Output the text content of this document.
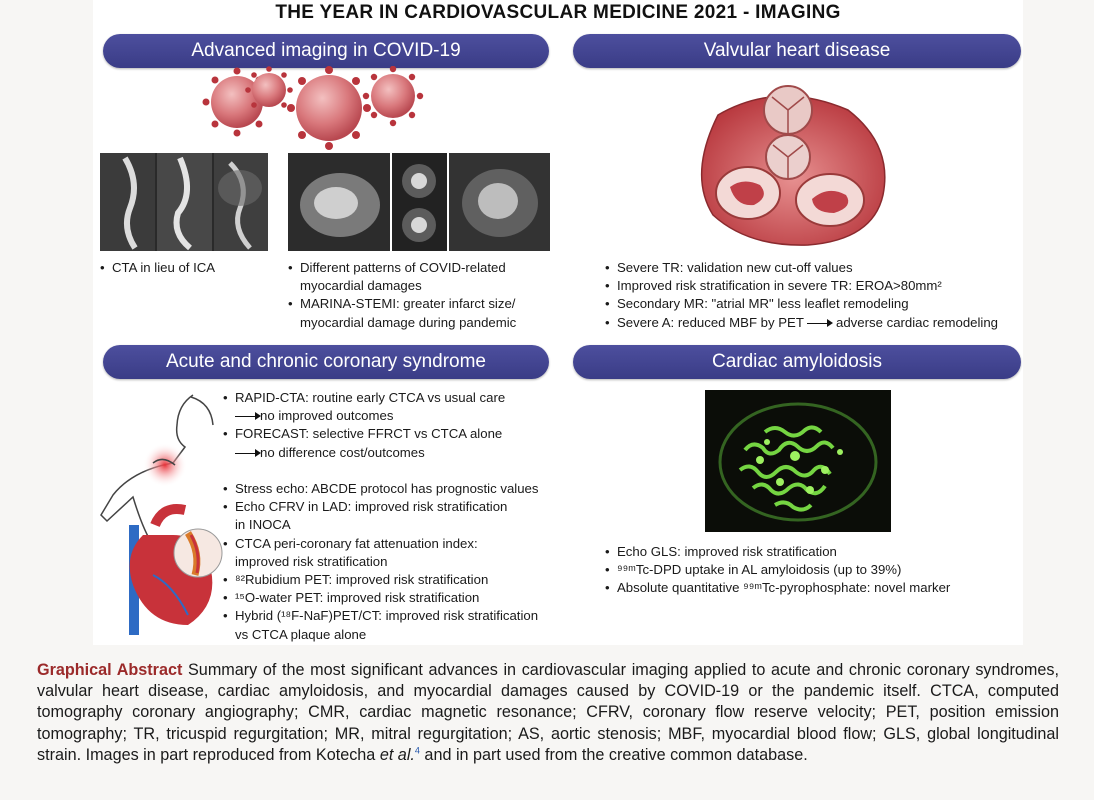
THE YEAR IN CARDIOVASCULAR MEDICINE 2021 - IMAGING
Advanced imaging in COVID-19
• CTA in lieu of ICA
•	Different patterns of COVID-related
myocardial damages
• MARINA-STEMI: greater infarct size/
myocardial damage during pandemic
Valvular heart disease
• Severe TR: validation new cut-off values
• Improved risk stratification in severe TR: EROA>80mm²
• Secondary MR: "atrial MR" less leaflet remodeling
• Severe A: reduced MBF by PET adverse cardiac remodeling
Acute and chronic coronary syndrome
• RAPID-CTA: routine early CTCA vs usual care
no improved outcomes
• FORECAST: selective FFRCT vs CTCA alone
no difference cost/outcomes
• Stress echo: ABCDE protocol has prognostic values
• Echo CFRV in LAD: improved risk stratification
in INOCA
• CTCA peri-coronary fat attenuation index:
improved risk stratification
• ⁸²Rubidium PET: improved risk stratification
• ¹⁵O-water PET: improved risk stratification
• Hybrid (¹⁸F-NaF)PET/CT: improved risk stratification
vs CTCA plaque alone
Cardiac amyloidosis
• Echo GLS: improved risk stratification
• ⁹⁹ᵐTc-DPD uptake in AL amyloidosis (up to 39%)
• Absolute quantitative ⁹⁹ᵐTc-pyrophosphate: novel marker
Graphical Abstract Summary of the most significant advances in cardiovascular imaging applied to acute and chronic coronary syndromes, valvular heart disease, cardiac amyloidosis, and myocardial damages caused by COVID-19 or the pandemic itself. CTCA, computed tomography coronary angiography; CMR, cardiac magnetic resonance; CFRV, coronary flow reserve velocity; PET, position emission tomography; TR, tricuspid regurgitation; MR, mitral regurgitation; AS, aortic stenosis; MBF, myocardial blood flow; GLS, global longitudinal strain. Images in part reproduced from Kotecha et al.$^4$ and in part used from the creative common database.
